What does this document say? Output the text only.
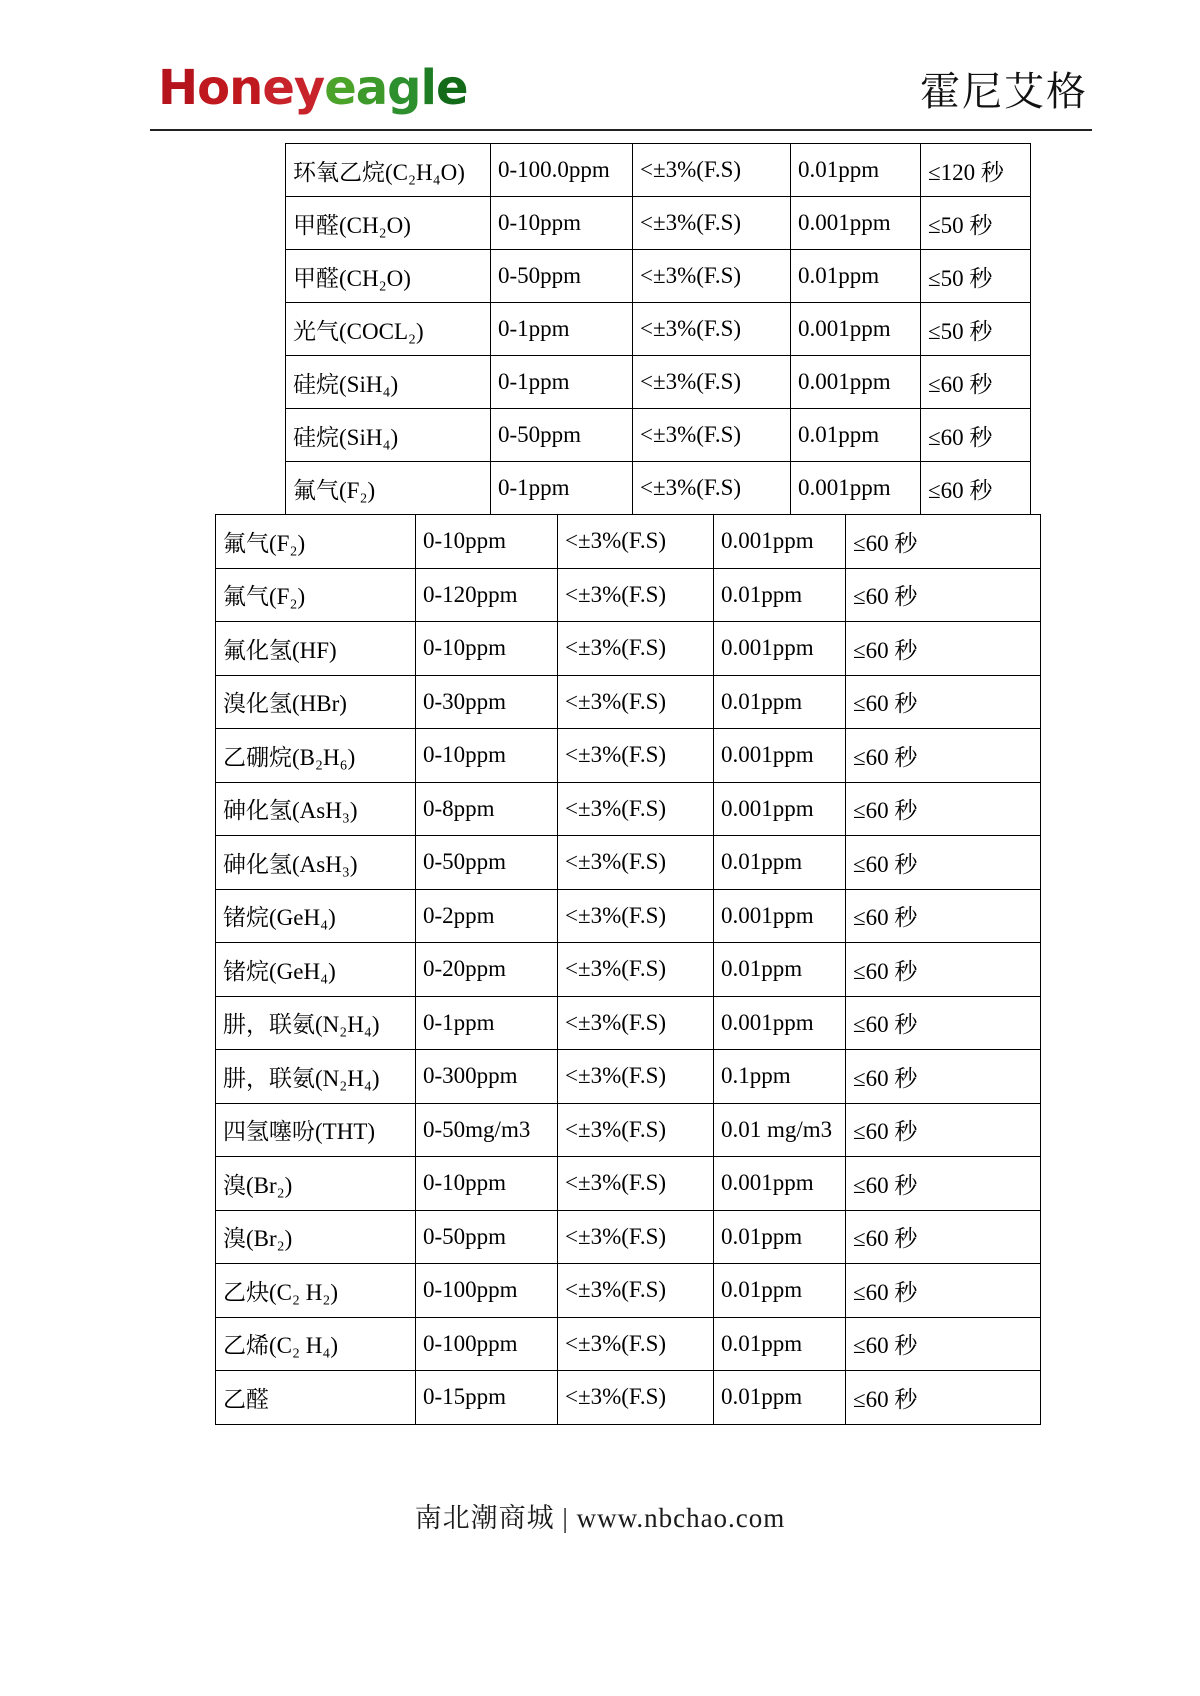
Honeyeagle	霍尼艾格
环氧乙烷(C₂H₄O)	0-100.0ppm	<±3%(F.S)	0.01ppm	≤120 秒
甲醛(CH₂O)	0-10ppm	<±3%(F.S)	0.001ppm	≤50 秒
甲醛(CH₂O)	0-50ppm	<±3%(F.S)	0.01ppm	≤50 秒
光气(COCL₂)	0-1ppm	<±3%(F.S)	0.001ppm	≤50 秒
硅烷(SiH₄)	0-1ppm	<±3%(F.S)	0.001ppm	≤60 秒
硅烷(SiH₄)	0-50ppm	<±3%(F.S)	0.01ppm	≤60 秒
氟气(F₂)	0-1ppm	<±3%(F.S)	0.001ppm	≤60 秒
氟气(F₂)	0-10ppm	<±3%(F.S)	0.001ppm	≤60 秒
氟气(F₂)	0-120ppm	<±3%(F.S)	0.01ppm	≤60 秒
氟化氢(HF)	0-10ppm	<±3%(F.S)	0.001ppm	≤60 秒
溴化氢(HBr)	0-30ppm	<±3%(F.S)	0.01ppm	≤60 秒
乙硼烷(B₂H₆)	0-10ppm	<±3%(F.S)	0.001ppm	≤60 秒
砷化氢(AsH₃)	0-8ppm	<±3%(F.S)	0.001ppm	≤60 秒
砷化氢(AsH₃)	0-50ppm	<±3%(F.S)	0.01ppm	≤60 秒
锗烷(GeH₄)	0-2ppm	<±3%(F.S)	0.001ppm	≤60 秒
锗烷(GeH₄)	0-20ppm	<±3%(F.S)	0.01ppm	≤60 秒
肼，联氨(N₂H₄)	0-1ppm	<±3%(F.S)	0.001ppm	≤60 秒
肼，联氨(N₂H₄)	0-300ppm	<±3%(F.S)	0.1ppm	≤60 秒
四氢噻吩(THT)	0-50mg/m3	<±3%(F.S)	0.01 mg/m3	≤60 秒
溴(Br₂)	0-10ppm	<±3%(F.S)	0.001ppm	≤60 秒
溴(Br₂)	0-50ppm	<±3%(F.S)	0.01ppm	≤60 秒
乙炔(C₂ H₂)	0-100ppm	<±3%(F.S)	0.01ppm	≤60 秒
乙烯(C₂ H₄)	0-100ppm	<±3%(F.S)	0.01ppm	≤60 秒
乙醛	0-15ppm	<±3%(F.S)	0.01ppm	≤60 秒
南北潮商城 | www.nbchao.com
